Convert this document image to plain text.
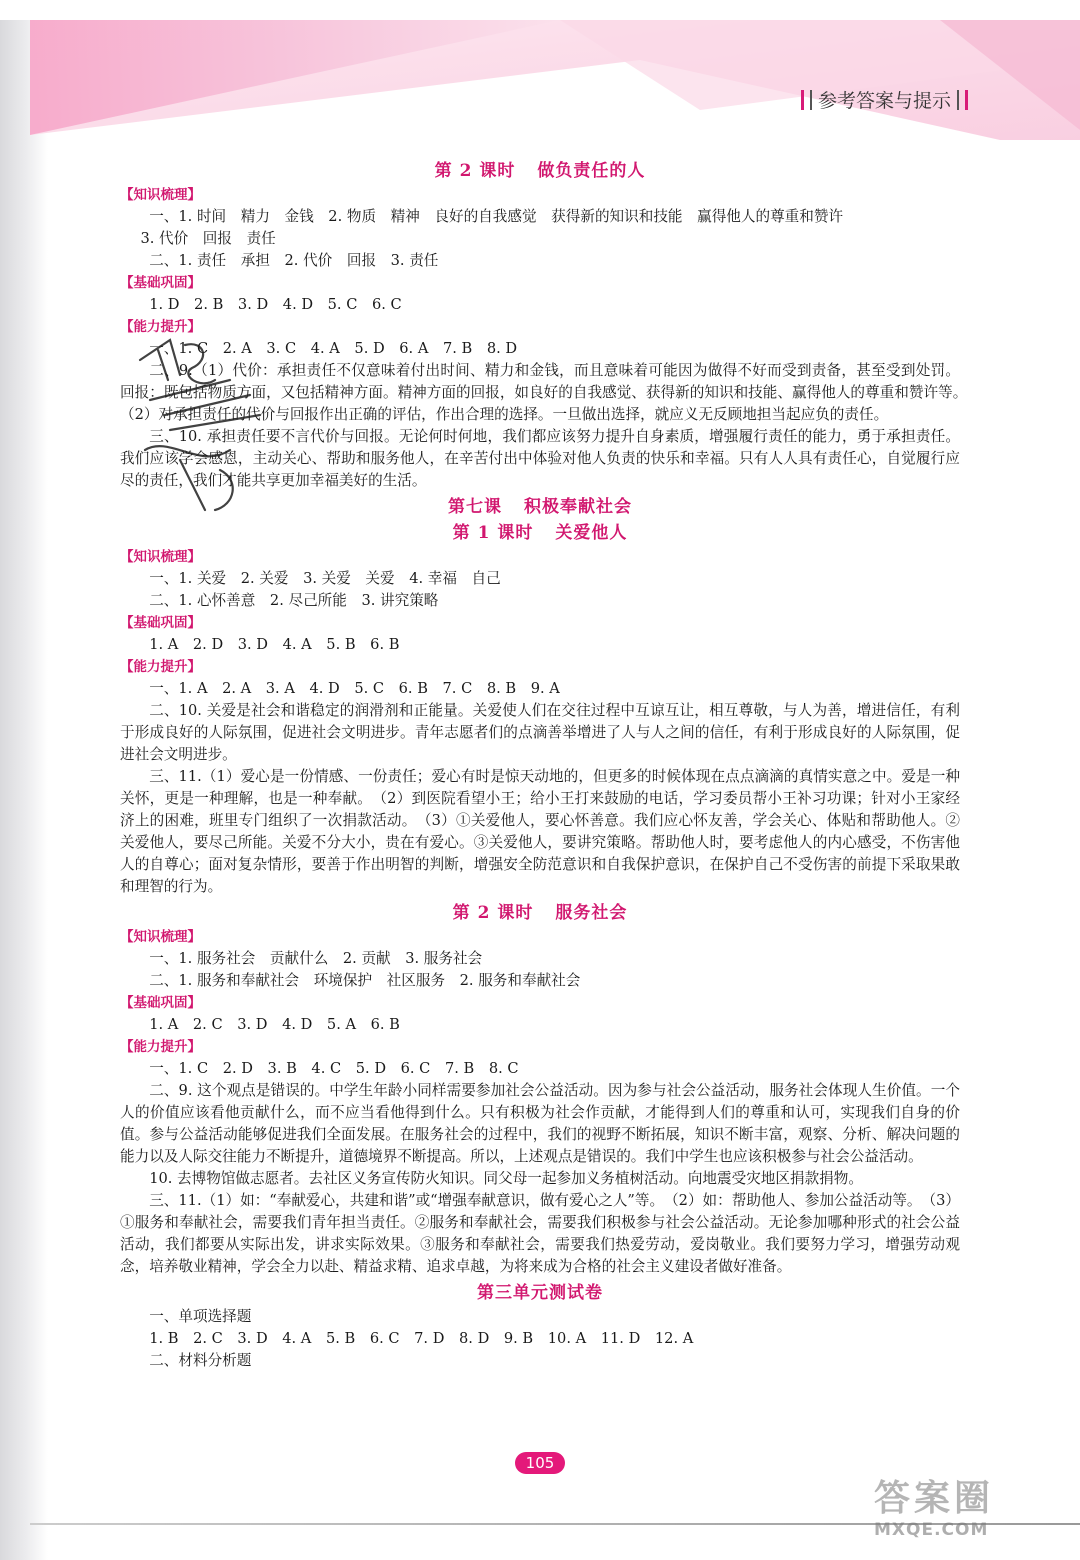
参考答案与提示
第 2 课时 做负责任的人
【知识梳理】
一、1. 时间　精力　金钱　2. 物质　精神　良好的自我感觉　获得新的知识和技能　赢得他人的尊重和赞许
3. 代价　回报　责任
二、1. 责任　承担　2. 代价　回报　3. 责任
【基础巩固】
1. D　2. B　3. D　4. D　5. C　6. C
【能力提升】
一、1. C　2. A　3. C　4. A　5. D　6. A　7. B　8. D
二、9.（1）代价：承担责任不仅意味着付出时间、精力和金钱，而且意味着可能因为做得不好而受到责备，甚至受到处罚。回报：既包括物质方面，又包括精神方面。精神方面的回报，如良好的自我感觉、获得新的知识和技能、赢得他人的尊重和赞许等。　（2）对承担责任的代价与回报作出正确的评估，作出合理的选择。一旦做出选择，就应义无反顾地担当起应负的责任。
三、10. 承担责任要不言代价与回报。无论何时何地，我们都应该努力提升自身素质，增强履行责任的能力，勇于承担责任。我们应该学会感恩，主动关心、帮助和服务他人，在辛苦付出中体验对他人负责的快乐和幸福。只有人人具有责任心，自觉履行应尽的责任，我们才能共享更加幸福美好的生活。
第七课 积极奉献社会
第 1 课时 关爱他人
【知识梳理】
一、1. 关爱　2. 关爱　3. 关爱　关爱　4. 幸福　自己
二、1. 心怀善意　2. 尽己所能　3. 讲究策略
【基础巩固】
1. A　2. D　3. D　4. A　5. B　6. B
【能力提升】
一、1. A　2. A　3. A　4. D　5. C　6. B　7. C　8. B　9. A
二、10. 关爱是社会和谐稳定的润滑剂和正能量。关爱使人们在交往过程中互谅互让，相互尊敬，与人为善，增进信任，有利于形成良好的人际氛围，促进社会文明进步。青年志愿者们的点滴善举增进了人与人之间的信任，有利于形成良好的人际氛围，促进社会文明进步。
三、11.（1）爱心是一份情感、一份责任；爱心有时是惊天动地的，但更多的时候体现在点点滴滴的真情实意之中。爱是一种关怀，更是一种理解，也是一种奉献。　（2）到医院看望小王；给小王打来鼓励的电话，学习委员帮小王补习功课；针对小王家经济上的困难，班里专门组织了一次捐款活动。　（3）①关爱他人，要心怀善意。我们应心怀友善，学会关心、体贴和帮助他人。②关爱他人，要尽己所能。关爱不分大小，贵在有爱心。③关爱他人，要讲究策略。帮助他人时，要考虑他人的内心感受，不伤害他人的自尊心；面对复杂情形，要善于作出明智的判断，增强安全防范意识和自我保护意识，在保护自己不受伤害的前提下采取果敢和理智的行为。
第 2 课时 服务社会
【知识梳理】
一、1. 服务社会　贡献什么　2. 贡献　3. 服务社会
二、1. 服务和奉献社会　环境保护　社区服务　2. 服务和奉献社会
【基础巩固】
1. A　2. C　3. D　4. D　5. A　6. B
【能力提升】
一、1. C　2. D　3. B　4. C　5. D　6. C　7. B　8. C
二、9. 这个观点是错误的。中学生年龄小同样需要参加社会公益活动。因为参与社会公益活动，服务社会体现人生价值。一个人的价值应该看他贡献什么，而不应当看他得到什么。只有积极为社会作贡献，才能得到人们的尊重和认可，实现我们自身的价值。参与公益活动能够促进我们全面发展。在服务社会的过程中，我们的视野不断拓展，知识不断丰富，观察、分析、解决问题的能力以及人际交往能力不断提升，道德境界不断提高。所以，上述观点是错误的。我们中学生也应该积极参与社会公益活动。
10. 去博物馆做志愿者。去社区义务宣传防火知识。同父母一起参加义务植树活动。向地震受灾地区捐款捐物。
三、11.（1）如：“奉献爱心，共建和谐”或“增强奉献意识，做有爱心之人”等。　（2）如：帮助他人、参加公益活动等。　（3）①服务和奉献社会，需要我们青年担当责任。②服务和奉献社会，需要我们积极参与社会公益活动。无论参加哪种形式的社会公益活动，我们都要从实际出发，讲求实际效果。③服务和奉献社会，需要我们热爱劳动，爱岗敬业。我们要努力学习，增强劳动观念，培养敬业精神，学会全力以赴、精益求精、追求卓越，为将来成为合格的社会主义建设者做好准备。
第三单元测试卷
一、单项选择题
1. B　2. C　3. D　4. A　5. B　6. C　7. D　8. D　9. B　10. A　11. D　12. A
二、材料分析题
105
答案圈
MXQE.COM
